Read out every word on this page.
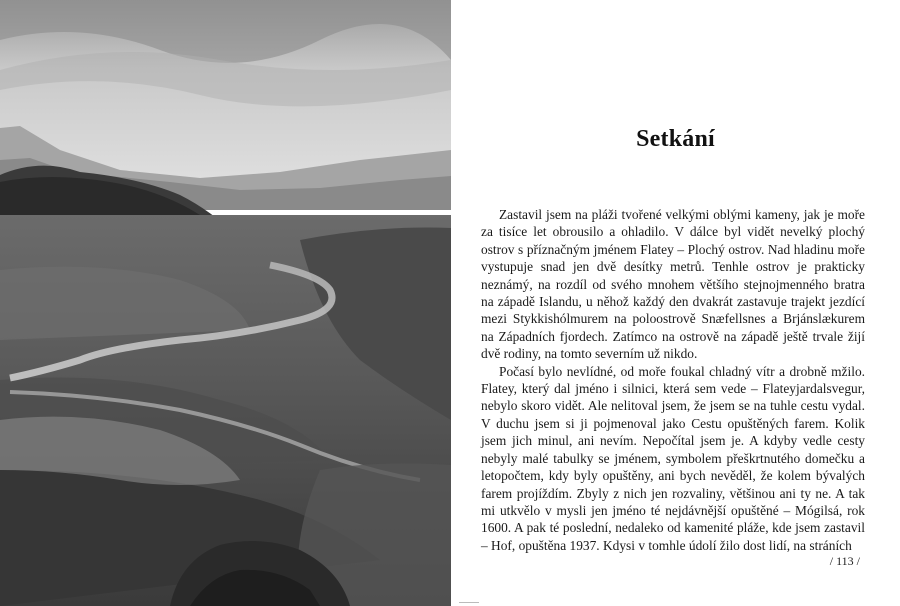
Setkání

Zastavil jsem na pláži tvořené velkými oblými kameny, jak je moře za tisíce let obrousilo a ohladilo. V dálce byl vidět nevelký plochý ostrov s příznačným jménem Flatey – Plochý ostrov. Nad hladinu moře vystupuje snad jen dvě desítky metrů. Tenhle ostrov je prakticky neznámý, na rozdíl od svého mnohem většího stejnojmenného bratra na západě Islandu, u něhož každý den dvakrát zastavuje trajekt jezdící mezi Stykkishólmurem na poloostrově Snæfellsnes a Brjánslækurem na Západních fjordech. Zatímco na ostrově na západě ještě trvale žijí dvě rodiny, na tomto severním už nikdo.

Počasí bylo nevlídné, od moře foukal chladný vítr a drobně mžilo. Flatey, který dal jméno i silnici, která sem vede – Flateyjardalsvegur, nebylo skoro vidět. Ale nelitoval jsem, že jsem se na tuhle cestu vydal. V duchu jsem si ji pojmenoval jako Cestu opuštěných farem. Kolik jsem jich minul, ani nevím. Nepočítal jsem je. A kdyby vedle cesty nebyly malé tabulky se jménem, symbolem přeškrtnutého domečku a letopočtem, kdy byly opuštěny, ani bych nevěděl, že kolem bývalých farem projíždím. Zbyly z nich jen rozvaliny, většinou ani ty ne. A tak mi utkvělo v mysli jen jméno té nejdávnější opuštěné – Mógilsá, rok 1600. A pak té poslední, nedaleko od kamenité pláže, kde jsem zastavil – Hof, opuštěna 1937. Kdysi v tomhle údolí žilo dost lidí, na stráních

/ 113 /
